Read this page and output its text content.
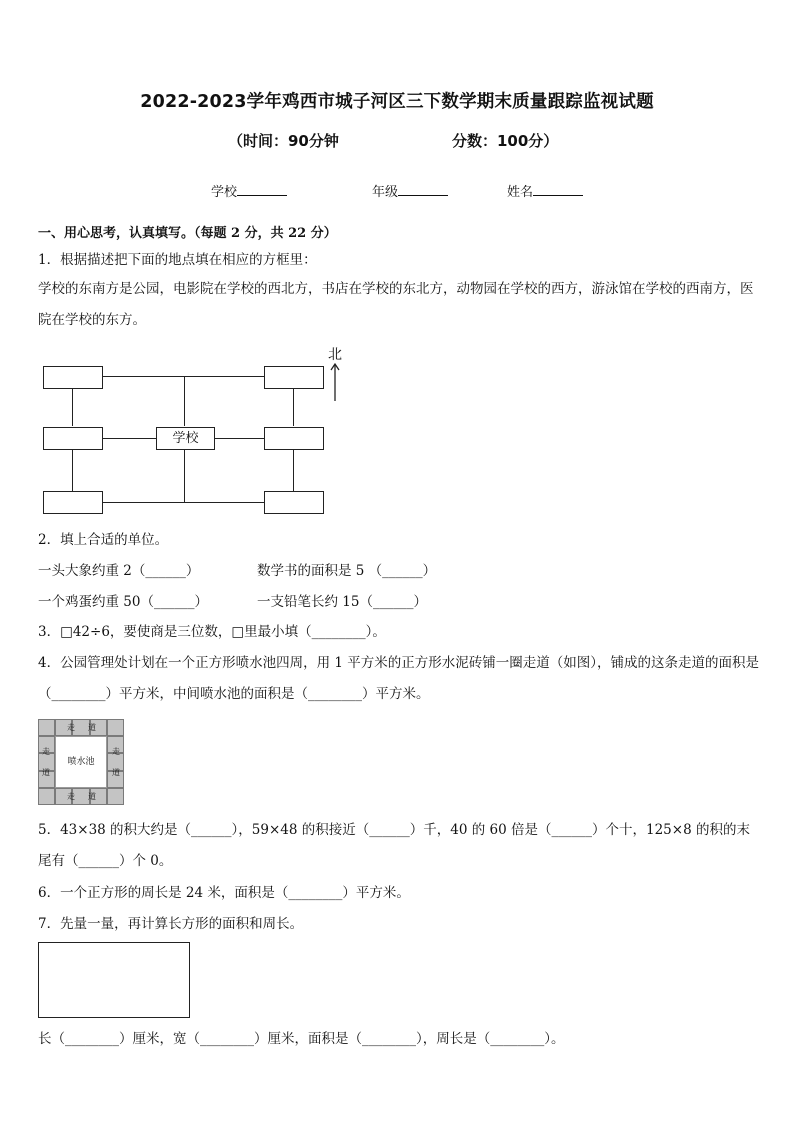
2022-2023学年鸡西市城子河区三下数学期末质量跟踪监视试题
（时间：90分钟	分数：100分）
学校	年级	姓名
一、用心思考，认真填写。（每题 2 分，共 22 分）
1．根据描述把下面的地点填在相应的方框里：
学校的东南方是公园，电影院在学校的西北方，书店在学校的东北方，动物园在学校的西方，游泳馆在学校的西南方，医院在学校的东方。
学校
北
2．填上合适的单位。
一头大象约重 2（______）	数学书的面积是 5 （______）
一个鸡蛋约重 50（______）	一支铅笔长约 15（______）
3．□42÷6，要使商是三位数，□里最小填（________）。
4．公园管理处计划在一个正方形喷水池四周，用 1 平方米的正方形水泥砖铺一圈走道（如图），铺成的这条走道的面积是（________）平方米，中间喷水池的面积是（________）平方米。
喷水池
走 道
走 道
走
道
走
道
5．43×38 的积大约是（______），59×48 的积接近（______）千，40 的 60 倍是（______）个十，125×8 的积的末尾有（______）个 0。
6．一个正方形的周长是 24 米，面积是（________）平方米。
7．先量一量，再计算长方形的面积和周长。
长（________）厘米，宽（________）厘米，面积是（________），周长是（________）。
